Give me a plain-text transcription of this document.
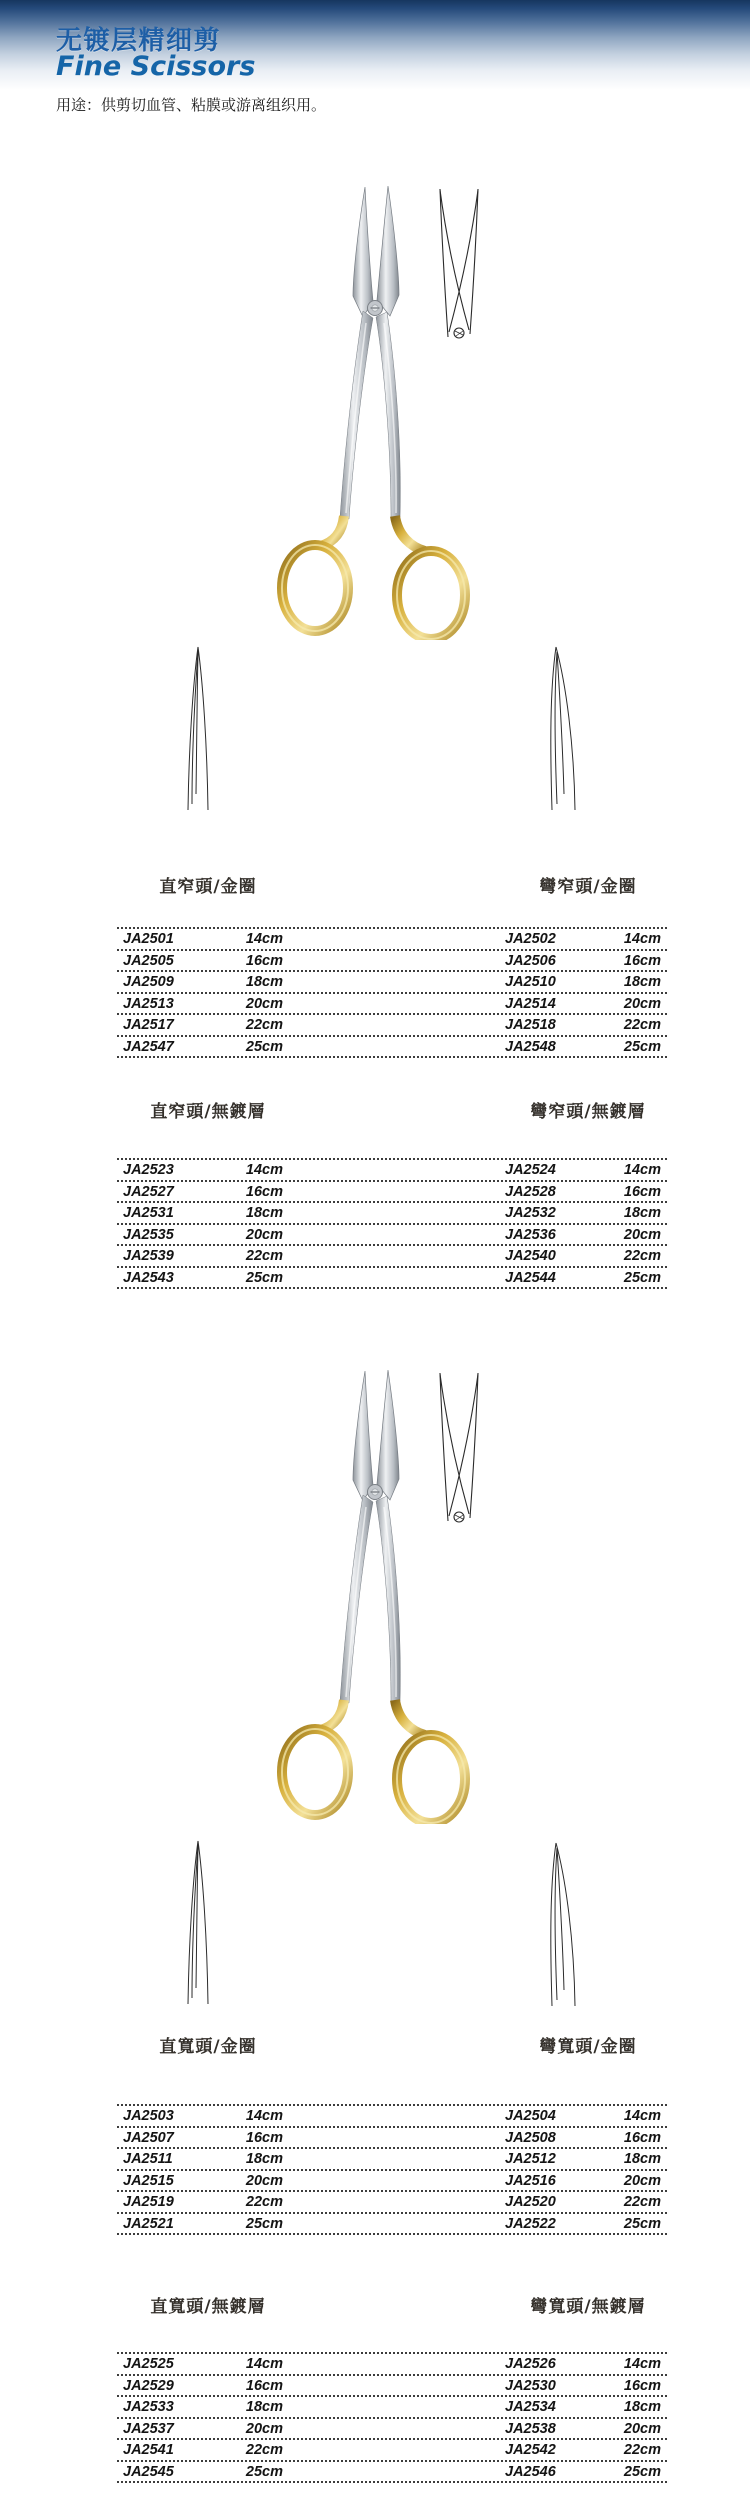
无镀层精细剪
Fine Scissors
用途：供剪切血管、粘膜或游离组织用。
直窄頭/金圈	彎窄頭/金圈
JA2501	14cm	JA2502	14cm
JA2505	16cm	JA2506	16cm
JA2509	18cm	JA2510	18cm
JA2513	20cm	JA2514	20cm
JA2517	22cm	JA2518	22cm
JA2547	25cm	JA2548	25cm
直窄頭/無鍍層	彎窄頭/無鍍層
JA2523	14cm	JA2524	14cm
JA2527	16cm	JA2528	16cm
JA2531	18cm	JA2532	18cm
JA2535	20cm	JA2536	20cm
JA2539	22cm	JA2540	22cm
JA2543	25cm	JA2544	25cm
直寬頭/金圈	彎寬頭/金圈
JA2503	14cm	JA2504	14cm
JA2507	16cm	JA2508	16cm
JA2511	18cm	JA2512	18cm
JA2515	20cm	JA2516	20cm
JA2519	22cm	JA2520	22cm
JA2521	25cm	JA2522	25cm
直寬頭/無鍍層	彎寬頭/無鍍層
JA2525	14cm	JA2526	14cm
JA2529	16cm	JA2530	16cm
JA2533	18cm	JA2534	18cm
JA2537	20cm	JA2538	20cm
JA2541	22cm	JA2542	22cm
JA2545	25cm	JA2546	25cm
